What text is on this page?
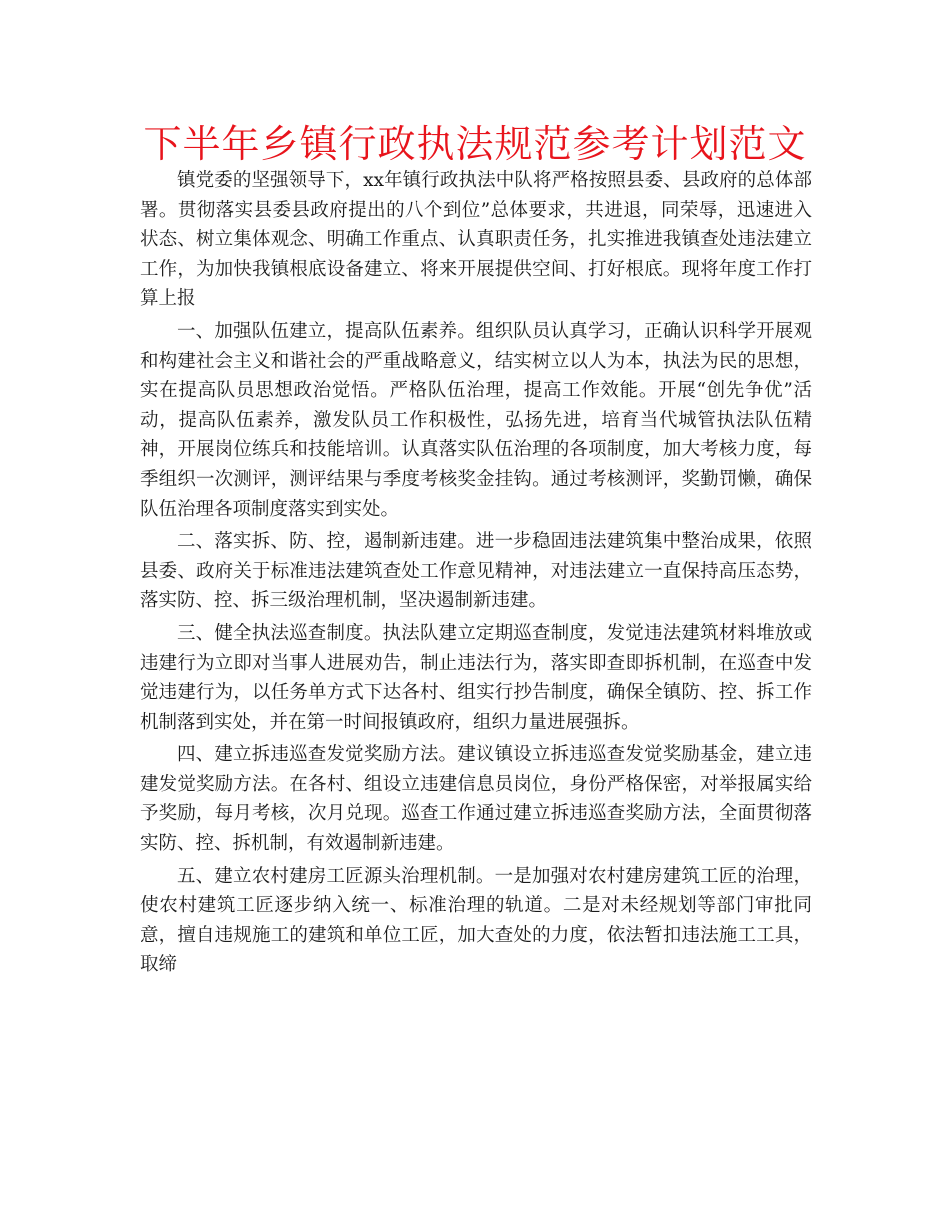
下半年乡镇行政执法规范参考计划范文

镇党委的坚强领导下，xx年镇行政执法中队将严格按照县委、县政府的总体部署。贯彻落实县委县政府提出的八个到位”总体要求，共进退，同荣辱，迅速进入状态、树立集体观念、明确工作重点、认真职责任务，扎实推进我镇查处违法建立工作，为加快我镇根底设备建立、将来开展提供空间、打好根底。现将年度工作打算上报

一、加强队伍建立，提高队伍素养。组织队员认真学习，正确认识科学开展观和构建社会主义和谐社会的严重战略意义，结实树立以人为本，执法为民的思想，实在提高队员思想政治觉悟。严格队伍治理，提高工作效能。开展“创先争优”活动，提高队伍素养，激发队员工作积极性，弘扬先进，培育当代城管执法队伍精神，开展岗位练兵和技能培训。认真落实队伍治理的各项制度，加大考核力度，每季组织一次测评，测评结果与季度考核奖金挂钩。通过考核测评，奖勤罚懒，确保队伍治理各项制度落实到实处。

二、落实拆、防、控，遏制新违建。进一步稳固违法建筑集中整治成果，依照县委、政府关于标准违法建筑查处工作意见精神，对违法建立一直保持高压态势，落实防、控、拆三级治理机制，坚决遏制新违建。

三、健全执法巡查制度。执法队建立定期巡查制度，发觉违法建筑材料堆放或违建行为立即对当事人进展劝告，制止违法行为，落实即查即拆机制，在巡查中发觉违建行为，以任务单方式下达各村、组实行抄告制度，确保全镇防、控、拆工作机制落到实处，并在第一时间报镇政府，组织力量进展强拆。

四、建立拆违巡查发觉奖励方法。建议镇设立拆违巡查发觉奖励基金，建立违建发觉奖励方法。在各村、组设立违建信息员岗位，身份严格保密，对举报属实给予奖励，每月考核，次月兑现。巡查工作通过建立拆违巡查奖励方法，全面贯彻落实防、控、拆机制，有效遏制新违建。

五、建立农村建房工匠源头治理机制。一是加强对农村建房建筑工匠的治理，使农村建筑工匠逐步纳入统一、标准治理的轨道。二是对未经规划等部门审批同意，擅自违规施工的建筑和单位工匠，加大查处的力度，依法暂扣违法施工工具，取缔
